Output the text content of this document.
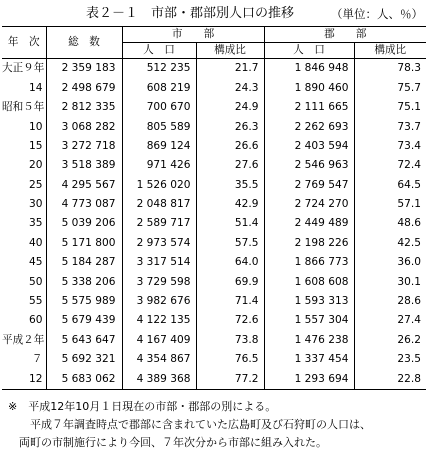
表２－１　市部・郡部別人口の推移	（単位：人、％）
年　次	総　数	市　　部		郡　　部	
		人　口	構成比	人　口	構成比
大正９年	2 359 183	512 235	21.7	1 846 948	78.3
14	2 498 679	608 219	24.3	1 890 460	75.7
昭和５年	2 812 335	700 670	24.9	2 111 665	75.1
10	3 068 282	805 589	26.3	2 262 693	73.7
15	3 272 718	869 124	26.6	2 403 594	73.4
20	3 518 389	971 426	27.6	2 546 963	72.4
25	4 295 567	1 526 020	35.5	2 769 547	64.5
30	4 773 087	2 048 817	42.9	2 724 270	57.1
35	5 039 206	2 589 717	51.4	2 449 489	48.6
40	5 171 800	2 973 574	57.5	2 198 226	42.5
45	5 184 287	3 317 514	64.0	1 866 773	36.0
50	5 338 206	3 729 598	69.9	1 608 608	30.1
55	5 575 989	3 982 676	71.4	1 593 313	28.6
60	5 679 439	4 122 135	72.6	1 557 304	27.4
平成２年	5 643 647	4 167 409	73.8	1 476 238	26.2
７	5 692 321	4 354 867	76.5	1 337 454	23.5
12	5 683 062	4 389 368	77.2	1 293 694	22.8
※　平成12年10月１日現在の市部・郡部の別による。
　　平成７年調査時点で郡部に含まれていた広島町及び石狩町の人口は、
　両町の市制施行により今回、７年次分から市部に組み入れた。
